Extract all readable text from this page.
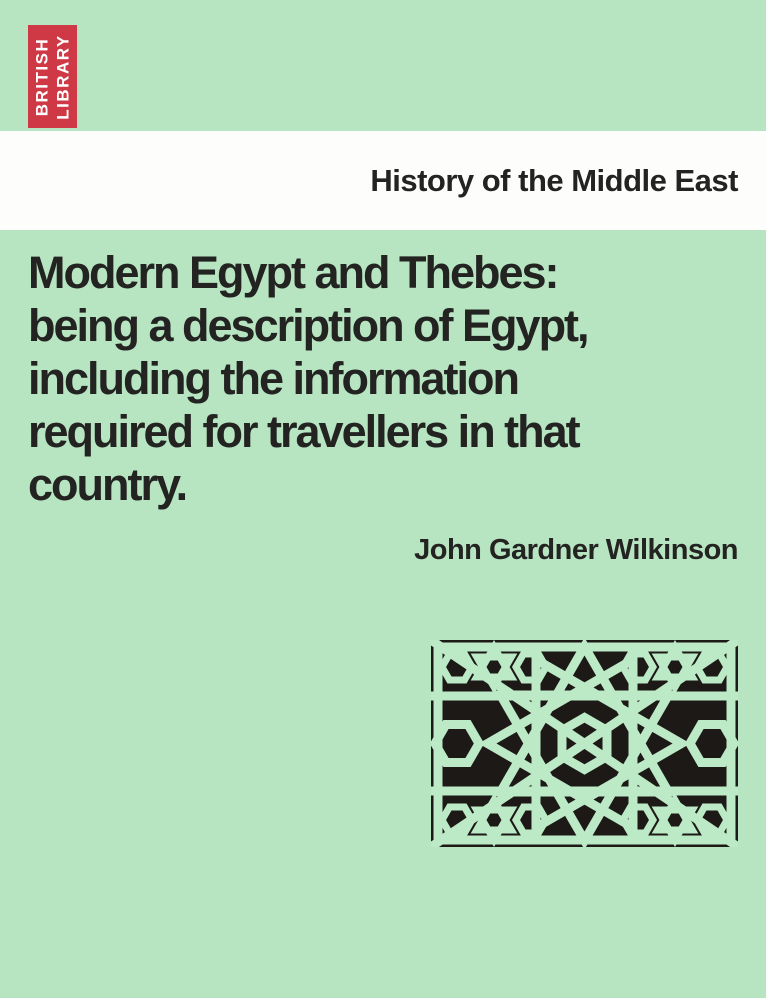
BRITISH LIBRARY
History of the Middle East
Modern Egypt and Thebes:
being a description of Egypt,
including the information
required for travellers in that
country.
John Gardner Wilkinson
